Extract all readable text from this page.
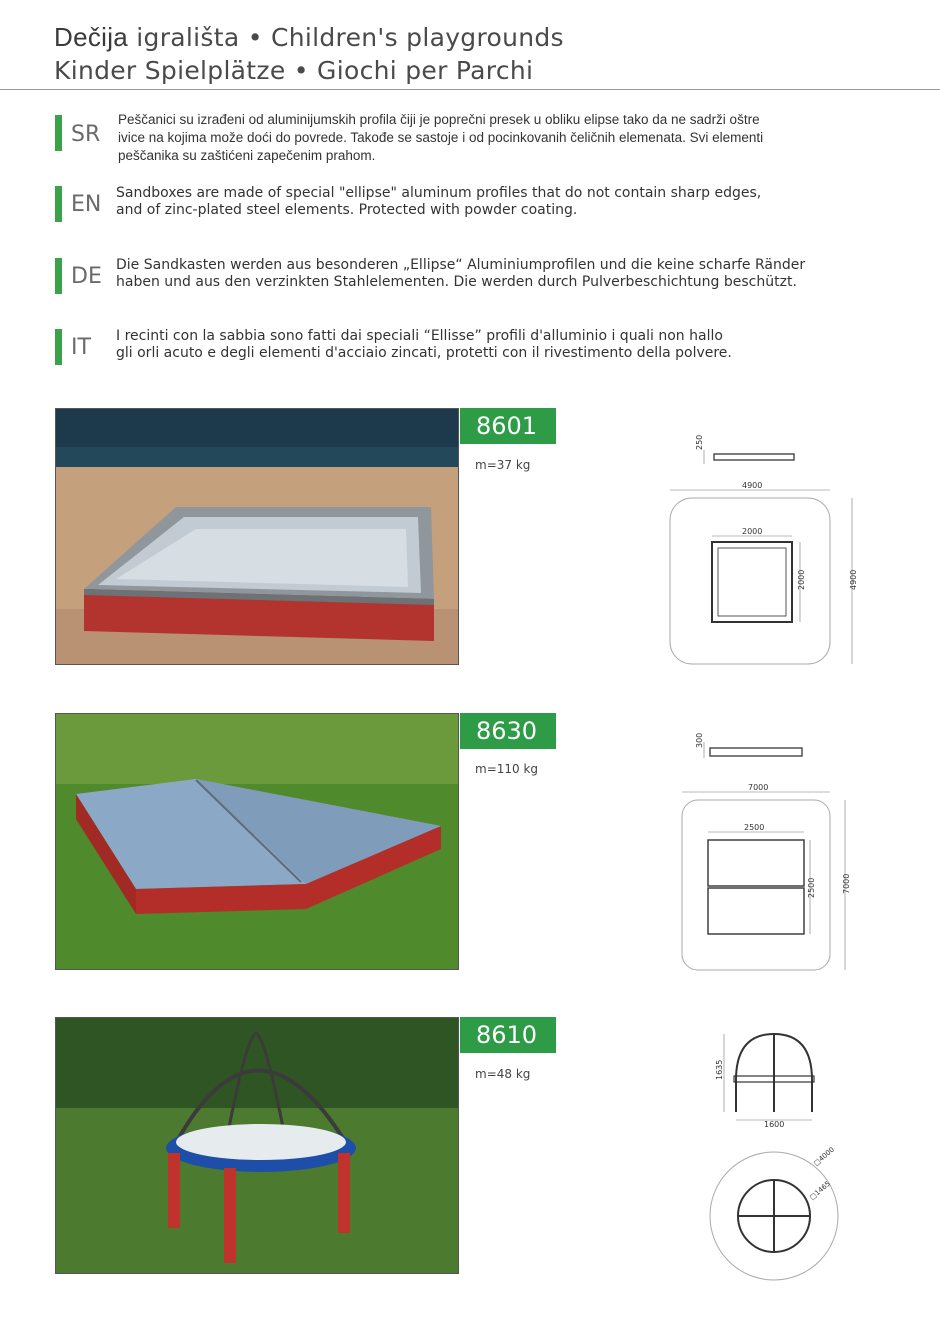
Dečija igrališta • Children's playgrounds
Kinder Spielplätze • Giochi per Parchi
SR
Peščanici su izrađeni od aluminijumskih profila čiji je poprečni presek u obliku elipse tako da ne sadrži oštre
ivice na kojima može doći do povrede. Takođe se sastoje i od pocinkovanih čeličnih elemenata. Svi elementi
peščanika su zaštićeni zapečenim prahom.
EN Sandboxes are made of special "ellipse" aluminum profiles that do not contain sharp edges,
and of zinc-plated steel elements. Protected with powder coating.
DE Die Sandkasten werden aus besonderen „Ellipse“ Aluminiumprofilen und die keine scharfe Ränder
haben und aus den verzinkten Stahlelementen. Die werden durch Pulverbeschichtung beschützt.
IT I recinti con la sabbia sono fatti dai speciali “Ellisse” profili d'alluminio i quali non hallo
gli orli acuto e degli elementi d'acciaio zincati, protetti con il rivestimento della polvere.
8601
m=37 kg
250
4900
4900
2000
2000
8630
m=110 kg
300
7000
7000
2500
2500
8610
m=48 kg	1635
1600
□4000
□1465
